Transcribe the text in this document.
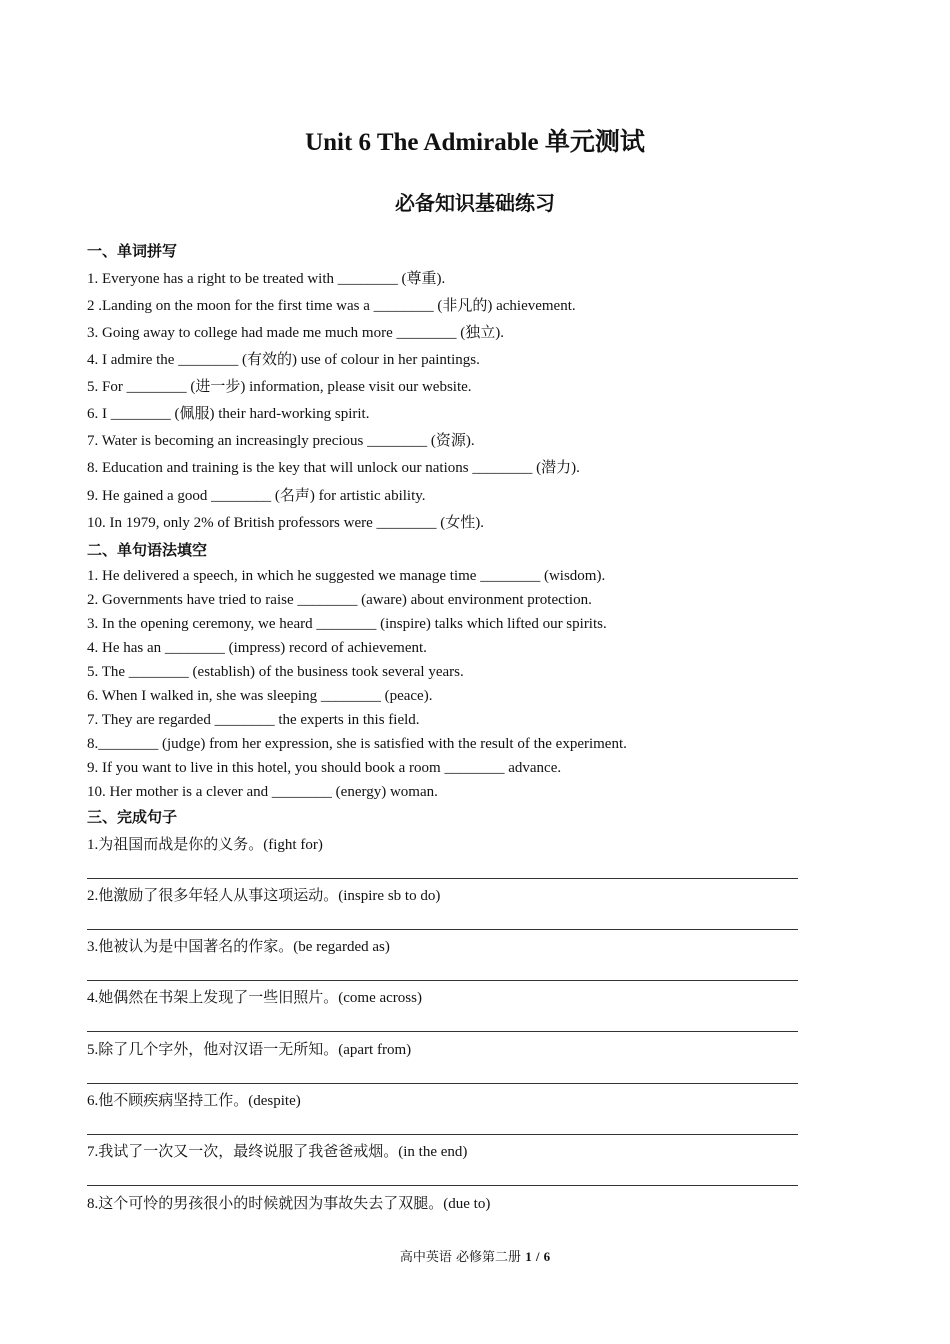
Unit 6 The Admirable 单元测试
必备知识基础练习
一、单词拼写
1. Everyone has a right to be treated with ________ (尊重).
2 .Landing on the moon for the first time was a ________ (非凡的) achievement.
3. Going away to college had made me much more ________ (独立).
4. I admire the ________ (有效的) use of colour in her paintings.
5. For ________ (进一步) information, please visit our website.
6. I ________ (佩服) their hard-working spirit.
7. Water is becoming an increasingly precious ________ (资源).
8. Education and training is the key that will unlock our nations ________ (潜力).
9. He gained a good ________ (名声) for artistic ability.
10. In 1979, only 2% of British professors were ________ (女性).
二、单句语法填空
1. He delivered a speech, in which he suggested we manage time ________ (wisdom).
2. Governments have tried to raise ________ (aware) about environment protection.
3. In the opening ceremony, we heard ________ (inspire) talks which lifted our spirits.
4. He has an ________ (impress) record of achievement.
5. The ________ (establish) of the business took several years.
6. When I walked in, she was sleeping ________ (peace).
7. They are regarded ________ the experts in this field.
8.________ (judge) from her expression, she is satisfied with the result of the experiment.
9. If you want to live in this hotel, you should book a room ________ advance.
10. Her mother is a clever and ________ (energy) woman.
三、完成句子
1.为祖国而战是你的义务。(fight for)
2.他激励了很多年轻人从事这项运动。(inspire sb to do)
3.他被认为是中国著名的作家。(be regarded as)
4.她偶然在书架上发现了一些旧照片。(come across)
5.除了几个字外，他对汉语一无所知。(apart from)
6.他不顾疾病坚持工作。(despite)
7.我试了一次又一次，最终说服了我爸爸戒烟。(in the end)
8.这个可怜的男孩很小的时候就因为事故失去了双腿。(due to)
高中英语 必修第二册 1 / 6
